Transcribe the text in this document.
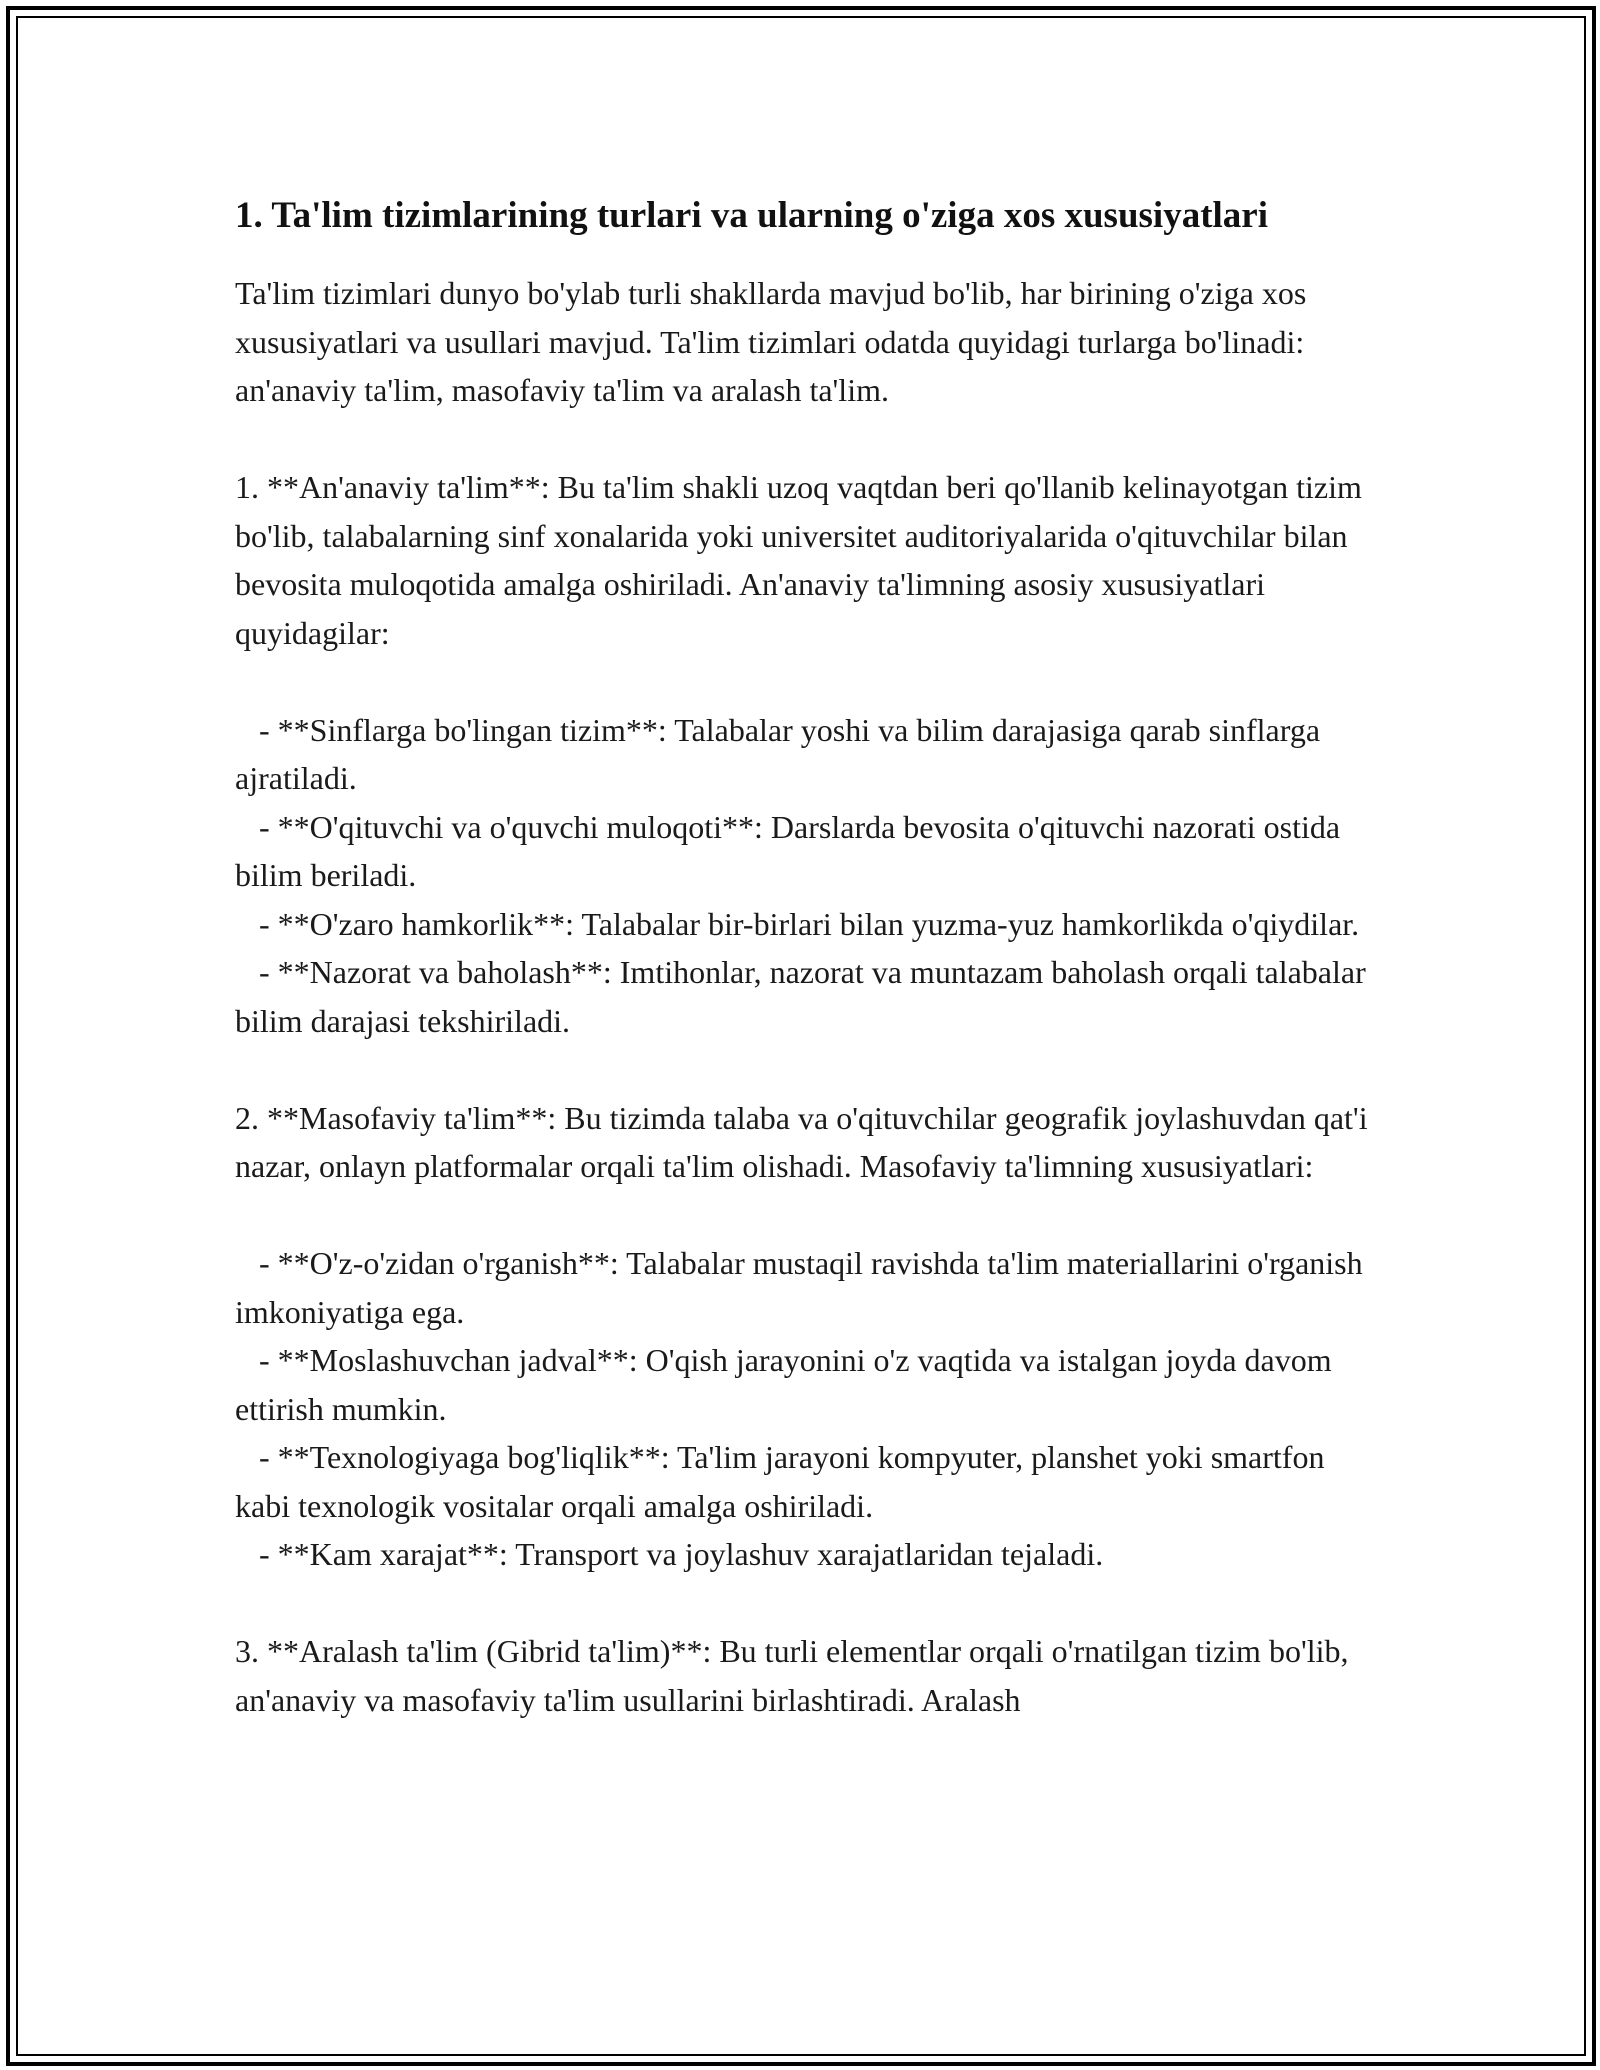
1. Ta'lim tizimlarining turlari va ularning o'ziga xos xususiyatlari

Ta'lim tizimlari dunyo bo'ylab turli shakllarda mavjud bo'lib, har birining o'ziga xos xususiyatlari va usullari mavjud. Ta'lim tizimlari odatda quyidagi turlarga bo'linadi: an'anaviy ta'lim, masofaviy ta'lim va aralash ta'lim.

1. **An'anaviy ta'lim**: Bu ta'lim shakli uzoq vaqtdan beri qo'llanib kelinayotgan tizim bo'lib, talabalarning sinf xonalarida yoki universitet auditoriyalarida o'qituvchilar bilan bevosita muloqotida amalga oshiriladi. An'anaviy ta'limning asosiy xususiyatlari quyidagilar:

- **Sinflarga bo'lingan tizim**: Talabalar yoshi va bilim darajasiga qarab sinflarga ajratiladi.

- **O'qituvchi va o'quvchi muloqoti**: Darslarda bevosita o'qituvchi nazorati ostida bilim beriladi.

- **O'zaro hamkorlik**: Talabalar bir-birlari bilan yuzma-yuz hamkorlikda o'qiydilar.

- **Nazorat va baholash**: Imtihonlar, nazorat va muntazam baholash orqali talabalar bilim darajasi tekshiriladi.

2. **Masofaviy ta'lim**: Bu tizimda talaba va o'qituvchilar geografik joylashuvdan qat'i nazar, onlayn platformalar orqali ta'lim olishadi. Masofaviy ta'limning xususiyatlari:

- **O'z-o'zidan o'rganish**: Talabalar mustaqil ravishda ta'lim materiallarini o'rganish imkoniyatiga ega.

- **Moslashuvchan jadval**: O'qish jarayonini o'z vaqtida va istalgan joyda davom ettirish mumkin.

- **Texnologiyaga bog'liqlik**: Ta'lim jarayoni kompyuter, planshet yoki smartfon kabi texnologik vositalar orqali amalga oshiriladi.

- **Kam xarajat**: Transport va joylashuv xarajatlaridan tejaladi.

3. **Aralash ta'lim (Gibrid ta'lim)**: Bu turli elementlar orqali o'rnatilgan tizim bo'lib, an'anaviy va masofaviy ta'lim usullarini birlashtiradi. Aralash
